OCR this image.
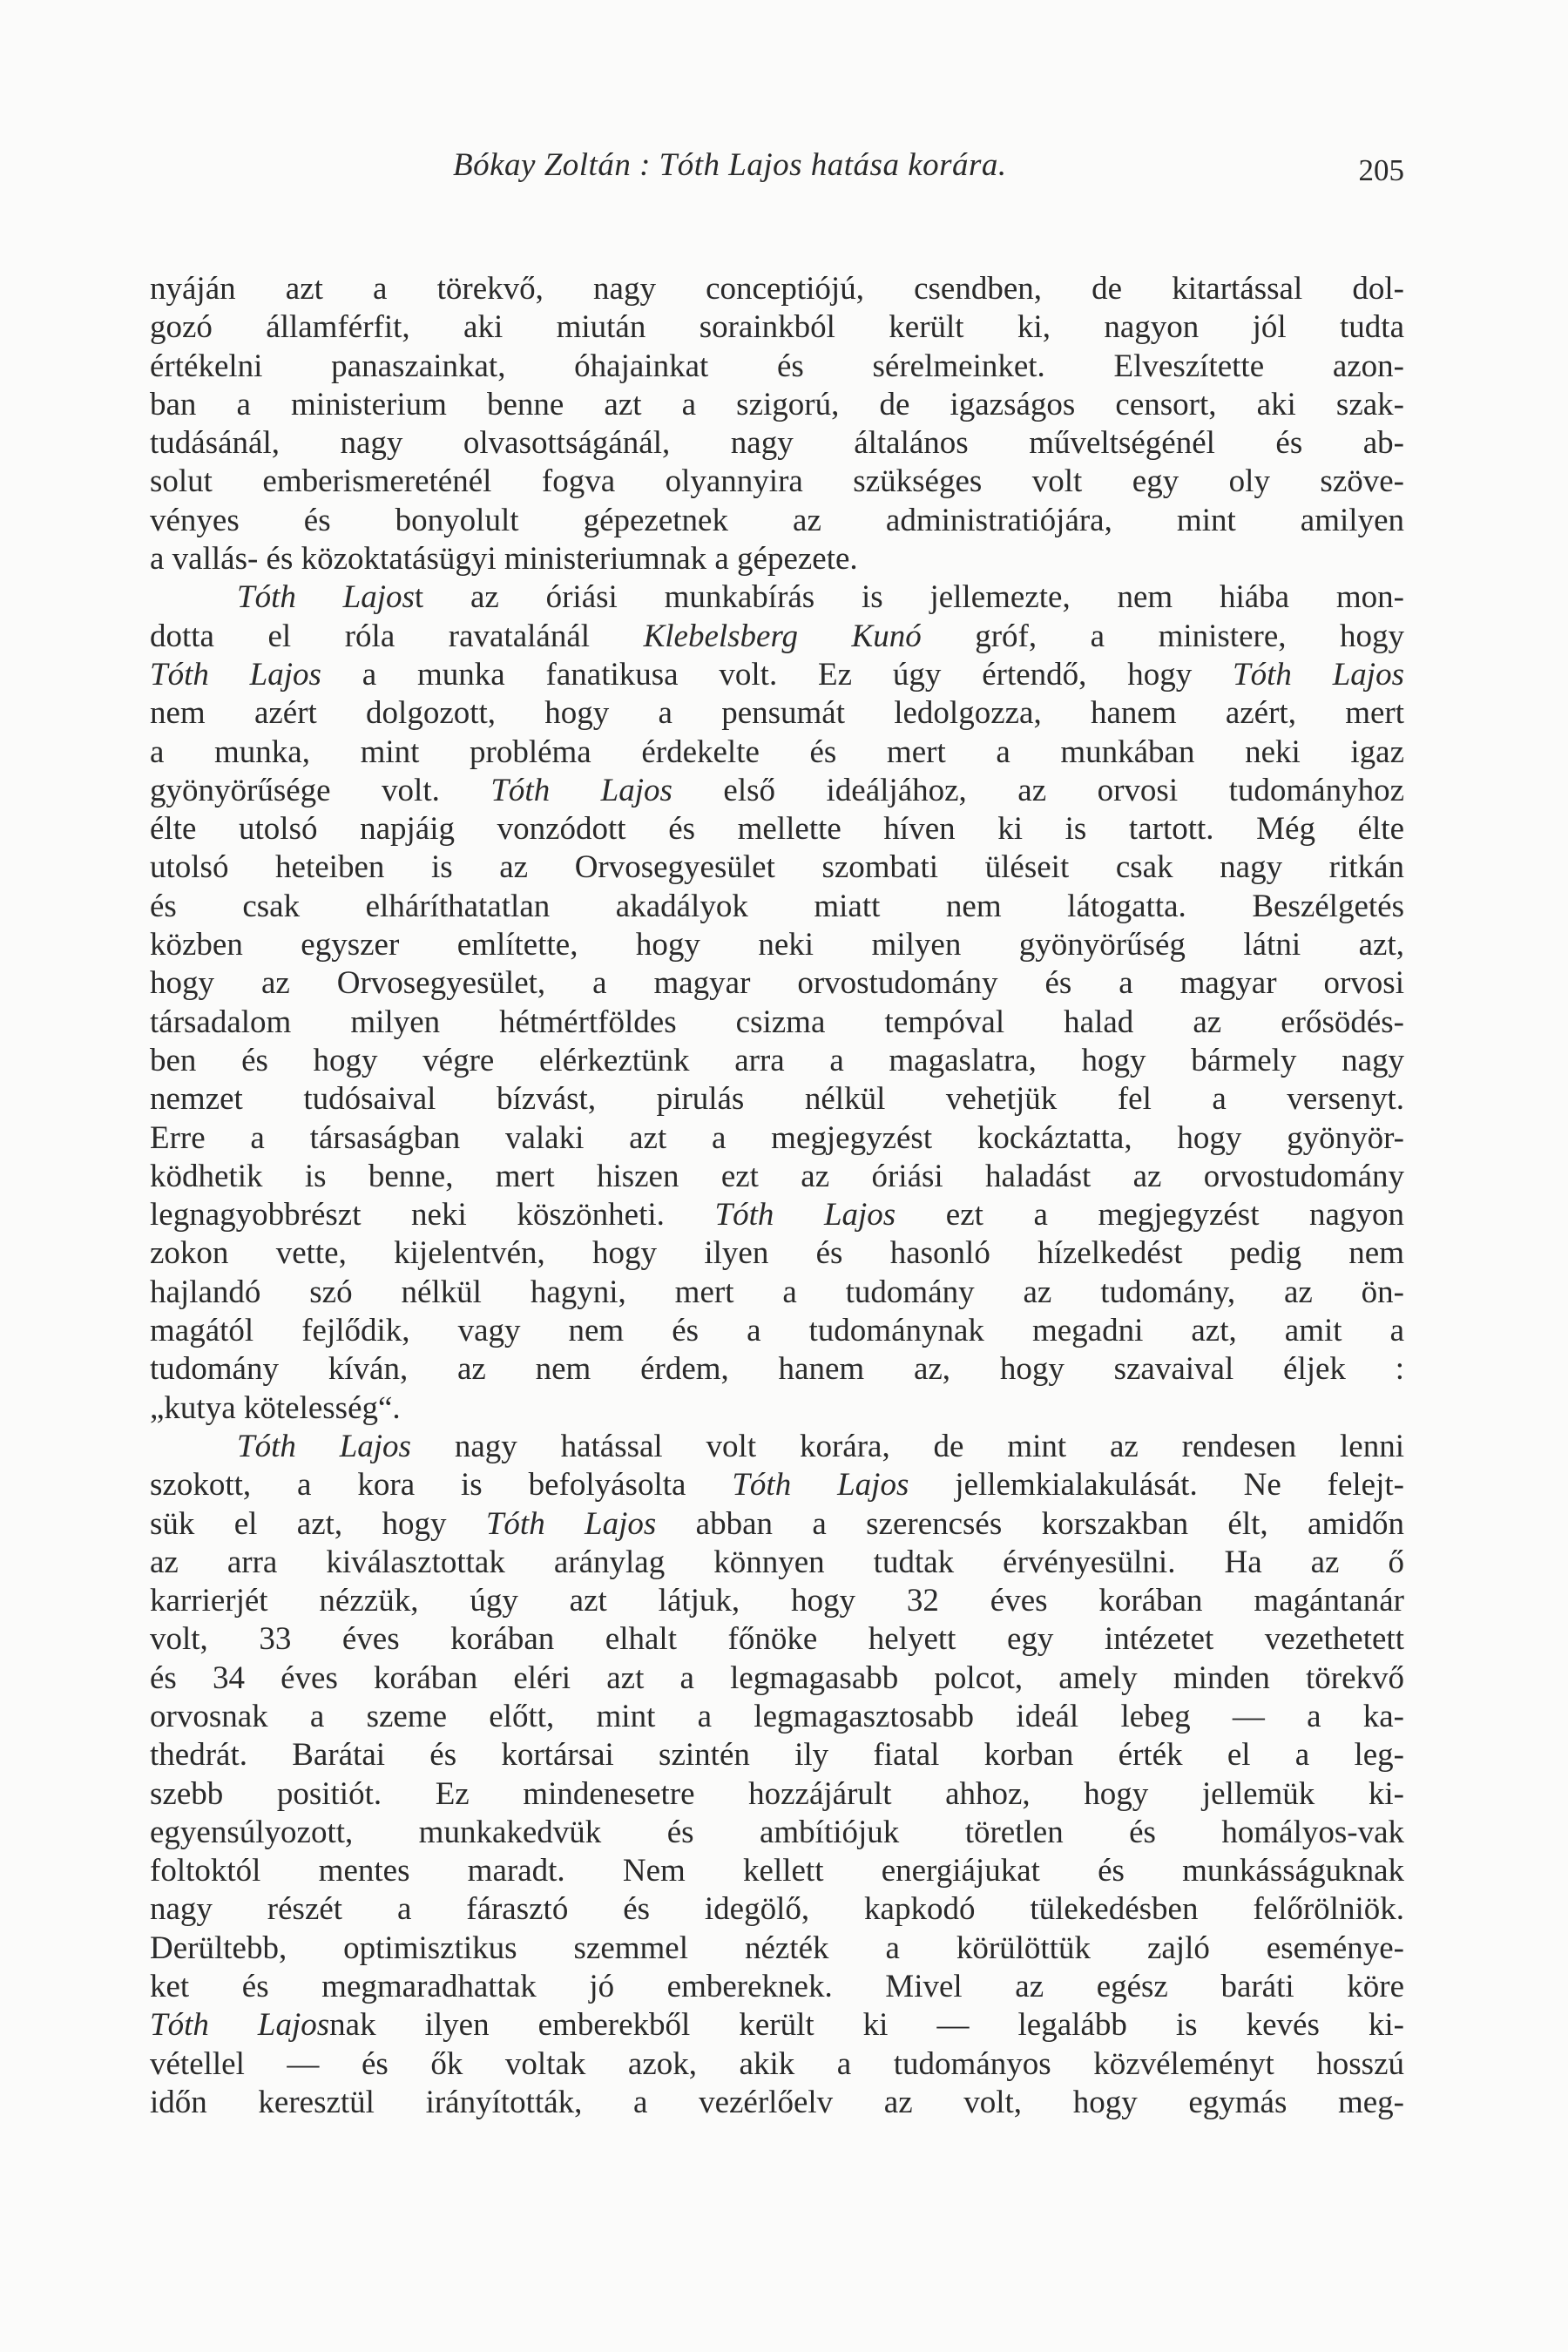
Bókay Zoltán : Tóth Lajos hatása korára.	205
nyáján azt a törekvő, nagy conceptiójú, csendben, de kitartással dol-
gozó államférfit, aki miután sorainkból került ki, nagyon jól tudta
értékelni panaszainkat, óhajainkat és sérelmeinket. Elveszítette azon-
ban a ministerium benne azt a szigorú, de igazságos censort, aki szak-
tudásánál, nagy olvasottságánál, nagy általános műveltségénél és ab-
solut emberismereténél fogva olyannyira szükséges volt egy oly szöve-
vényes és bonyolult gépezetnek az administratiójára, mint amilyen
a vallás- és közoktatásügyi ministeriumnak a gépezete.
Tóth Lajost az óriási munkabírás is jellemezte, nem hiába mon-
dotta el róla ravatalánál Klebelsberg Kunó gróf, a ministere, hogy
Tóth Lajos a munka fanatikusa volt. Ez úgy értendő, hogy Tóth Lajos
nem azért dolgozott, hogy a pensumát ledolgozza, hanem azért, mert
a munka, mint probléma érdekelte és mert a munkában neki igaz
gyönyörűsége volt. Tóth Lajos első ideáljához, az orvosi tudományhoz
élte utolsó napjáig vonzódott és mellette híven ki is tartott. Még élte
utolsó heteiben is az Orvosegyesület szombati üléseit csak nagy ritkán
és csak elháríthatatlan akadályok miatt nem látogatta. Beszélgetés
közben egyszer említette, hogy neki milyen gyönyörűség látni azt,
hogy az Orvosegyesület, a magyar orvostudomány és a magyar orvosi
társadalom milyen hétmértföldes csizma tempóval halad az erősödés-
ben és hogy végre elérkeztünk arra a magaslatra, hogy bármely nagy
nemzet tudósaival bízvást, pirulás nélkül vehetjük fel a versenyt.
Erre a társaságban valaki azt a megjegyzést kockáztatta, hogy gyönyör-
ködhetik is benne, mert hiszen ezt az óriási haladást az orvostudomány
legnagyobbrészt neki köszönheti. Tóth Lajos ezt a megjegyzést nagyon
zokon vette, kijelentvén, hogy ilyen és hasonló hízelkedést pedig nem
hajlandó szó nélkül hagyni, mert a tudomány az tudomány, az ön-
magától fejlődik, vagy nem és a tudománynak megadni azt, amit a
tudomány kíván, az nem érdem, hanem az, hogy szavaival éljek :
„kutya kötelesség“.
Tóth Lajos nagy hatással volt korára, de mint az rendesen lenni
szokott, a kora is befolyásolta Tóth Lajos jellemkialakulását. Ne felejt-
sük el azt, hogy Tóth Lajos abban a szerencsés korszakban élt, amidőn
az arra kiválasztottak aránylag könnyen tudtak érvényesülni. Ha az ő
karrierjét nézzük, úgy azt látjuk, hogy 32 éves korában magántanár
volt, 33 éves korában elhalt főnöke helyett egy intézetet vezethetett
és 34 éves korában eléri azt a legmagasabb polcot, amely minden törekvő
orvosnak a szeme előtt, mint a legmagasztosabb ideál lebeg — a ka-
thedrát. Barátai és kortársai szintén ily fiatal korban érték el a leg-
szebb positiót. Ez mindenesetre hozzájárult ahhoz, hogy jellemük ki-
egyensúlyozott, munkakedvük és ambítiójuk töretlen és homályos-vak
foltoktól mentes maradt. Nem kellett energiájukat és munkásságuknak
nagy részét a fárasztó és idegölő, kapkodó tülekedésben felőrölniök.
Derültebb, optimisztikus szemmel nézték a körülöttük zajló eseménye-
ket és megmaradhattak jó embereknek. Mivel az egész baráti köre
Tóth Lajosnak ilyen emberekből került ki — legalább is kevés ki-
vétellel — és ők voltak azok, akik a tudományos közvéleményt hosszú
időn keresztül irányították, a vezérlőelv az volt, hogy egymás meg-
